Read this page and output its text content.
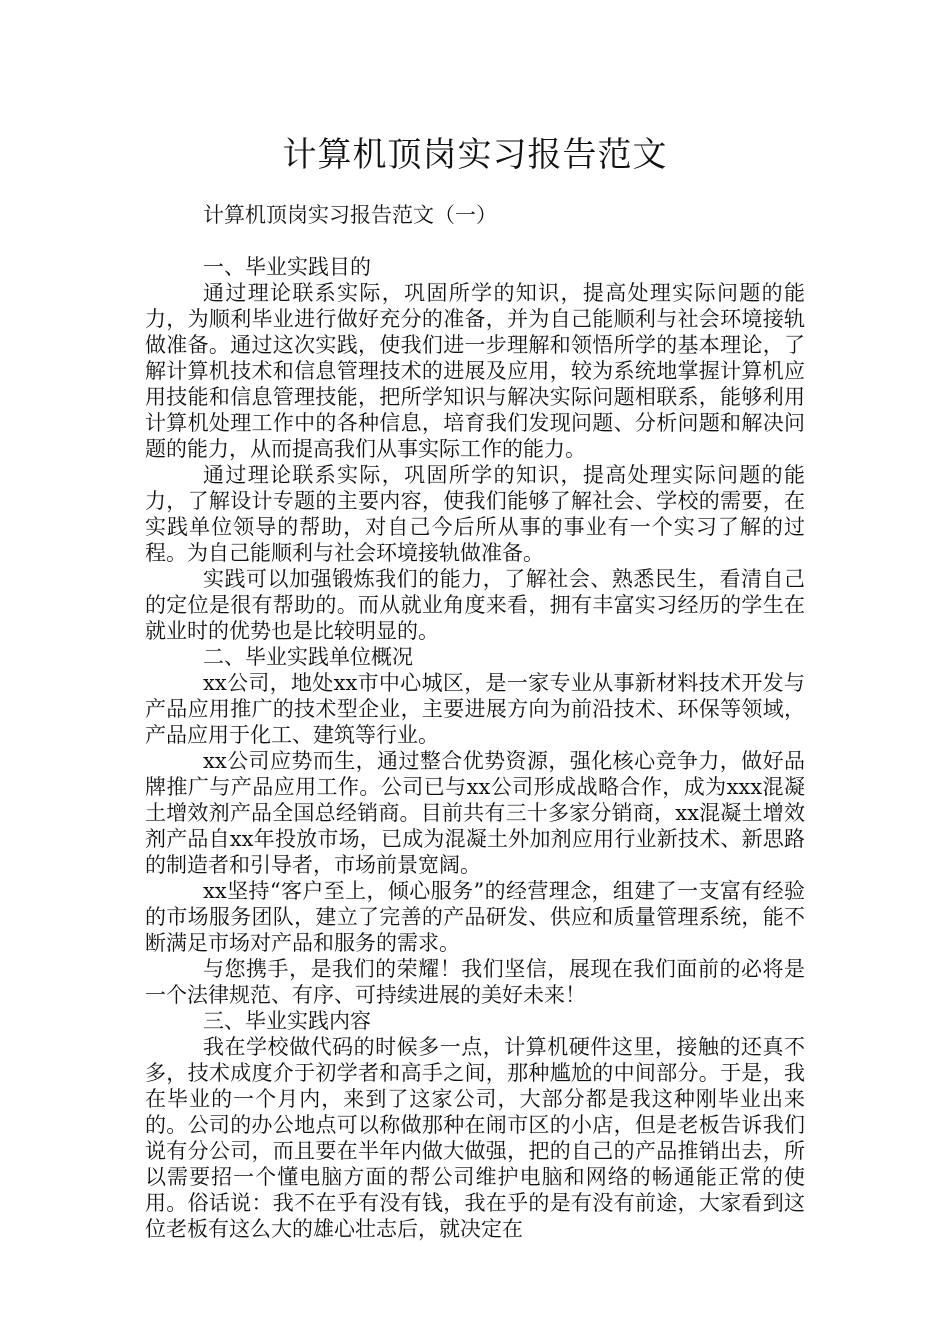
计算机顶岗实习报告范文

计算机顶岗实习报告范文（一）

一、毕业实践目的

通过理论联系实际，巩固所学的知识，提高处理实际问题的能力，为顺利毕业进行做好充分的准备，并为自己能顺利与社会环境接轨做准备。通过这次实践，使我们进一步理解和领悟所学的基本理论，了解计算机技术和信息管理技术的进展及应用，较为系统地掌握计算机应用技能和信息管理技能，把所学知识与解决实际问题相联系，能够利用计算机处理工作中的各种信息，培育我们发现问题、分析问题和解决问题的能力，从而提高我们从事实际工作的能力。

通过理论联系实际，巩固所学的知识，提高处理实际问题的能力，了解设计专题的主要内容，使我们能够了解社会、学校的需要，在实践单位领导的帮助，对自己今后所从事的事业有一个实习了解的过程。为自己能顺利与社会环境接轨做准备。

实践可以加强锻炼我们的能力，了解社会、熟悉民生，看清自己的定位是很有帮助的。而从就业角度来看，拥有丰富实习经历的学生在就业时的优势也是比较明显的。

二、毕业实践单位概况

xx公司，地处xx市中心城区，是一家专业从事新材料技术开发与产品应用推广的技术型企业，主要进展方向为前沿技术、环保等领域，产品应用于化工、建筑等行业。

xx公司应势而生，通过整合优势资源，强化核心竞争力，做好品牌推广与产品应用工作。公司已与xx公司形成战略合作，成为xxx混凝土增效剂产品全国总经销商。目前共有三十多家分销商，xx混凝土增效剂产品自xx年投放市场，已成为混凝土外加剂应用行业新技术、新思路的制造者和引导者，市场前景宽阔。

xx坚持“客户至上，倾心服务”的经营理念，组建了一支富有经验的市场服务团队，建立了完善的产品研发、供应和质量管理系统，能不断满足市场对产品和服务的需求。

与您携手，是我们的荣耀！我们坚信，展现在我们面前的必将是一个法律规范、有序、可持续进展的美好未来！

三、毕业实践内容

我在学校做代码的时候多一点，计算机硬件这里，接触的还真不多，技术成度介于初学者和高手之间，那种尴尬的中间部分。于是，我在毕业的一个月内，来到了这家公司，大部分都是我这种刚毕业出来的。公司的办公地点可以称做那种在闹市区的小店，但是老板告诉我们说有分公司，而且要在半年内做大做强，把的自己的产品推销出去，所以需要招一个懂电脑方面的帮公司维护电脑和网络的畅通能正常的使用。俗话说：我不在乎有没有钱，我在乎的是有没有前途，大家看到这位老板有这么大的雄心壮志后，就决定在
